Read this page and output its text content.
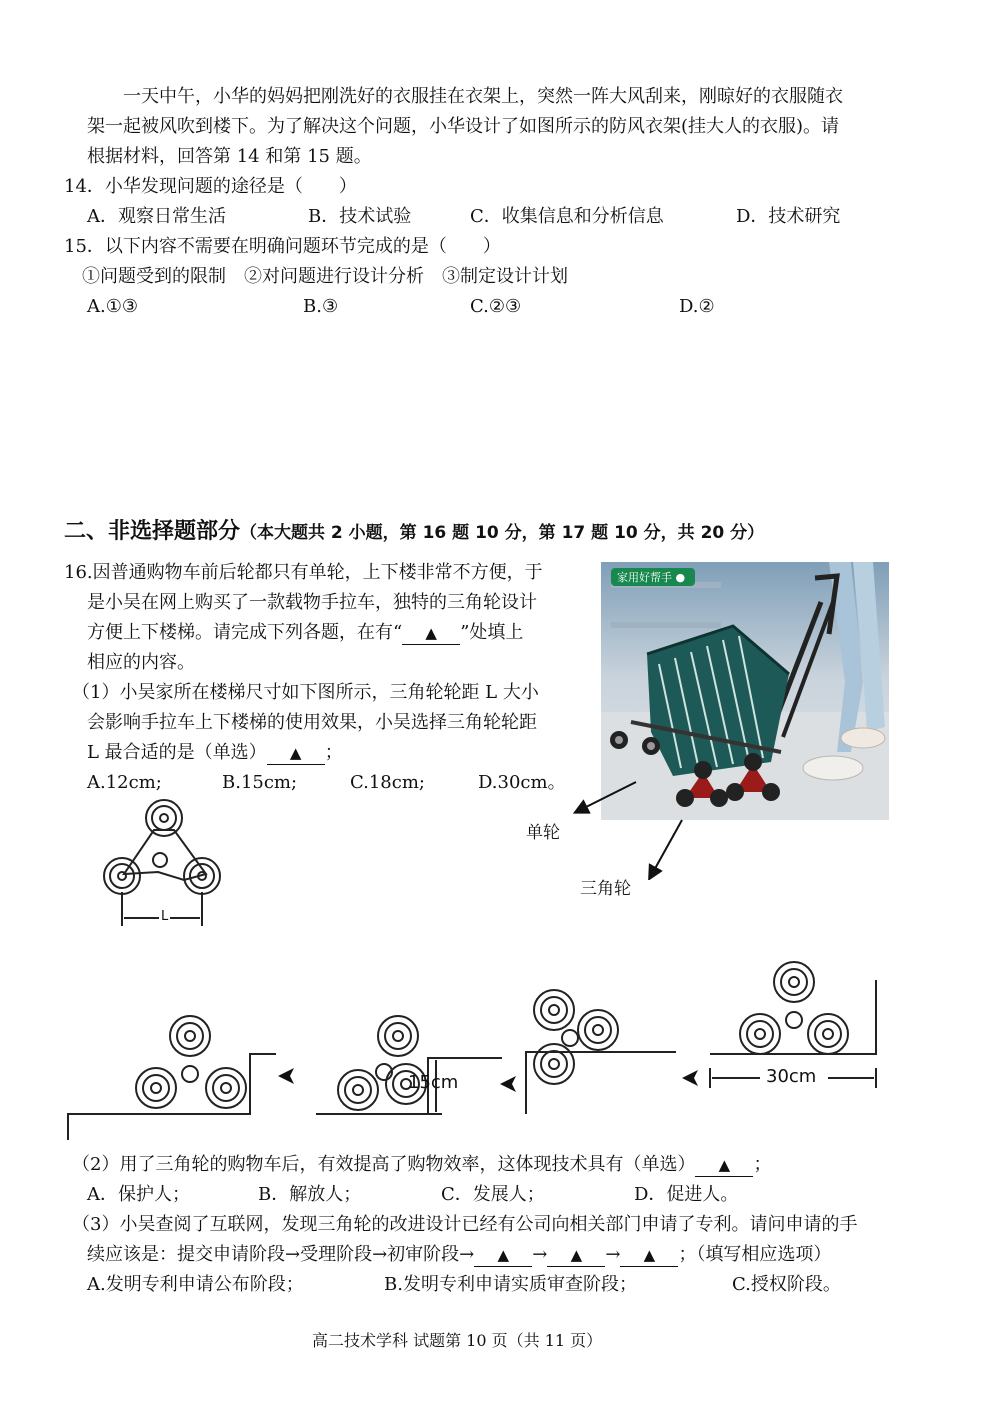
一天中午，小华的妈妈把刚洗好的衣服挂在衣架上，突然一阵大风刮来，刚晾好的衣服随衣
架一起被风吹到楼下。为了解决这个问题，小华设计了如图所示的防风衣架(挂大人的衣服)。请
根据材料，回答第 14 和第 15 题。
14．小华发现问题的途径是（　　）
A．观察日常生活	B．技术试验	C．收集信息和分析信息	D．技术研究
15．以下内容不需要在明确问题环节完成的是（　　）
①问题受到的限制　②对问题进行设计分析　③制定设计计划
A.①③	B.③	C.②③	D.②
二、非选择题部分（本大题共 2 小题，第 16 题 10 分，第 17 题 10 分，共 20 分）
16.因普通购物车前后轮都只有单轮，上下楼非常不方便，于
是小吴在网上购买了一款载物手拉车，独特的三角轮设计
方便上下楼梯。请完成下列各题，在有“ ▲ ”处填上
相应的内容。
（1）小吴家所在楼梯尺寸如下图所示，三角轮轮距 L 大小
会影响手拉车上下楼梯的使用效果，小吴选择三角轮轮距
L 最合适的是（单选） ▲ ；
A.12cm;	B.15cm;	C.18cm;	D.30cm。
家用好帮手 ●
单轮
三角轮
L
15cm	30cm
（2）用了三角轮的购物车后，有效提高了购物效率，这体现技术具有（单选） ▲ ；
A．保护人；	B．解放人；	C．发展人；	D．促进人。
（3）小吴查阅了互联网，发现三角轮的改进设计已经有公司向相关部门申请了专利。请问申请的手
续应该是：提交申请阶段→受理阶段→初审阶段→ ▲ → ▲ → ▲ ；（填写相应选项）
A.发明专利申请公布阶段；	B.发明专利申请实质审查阶段；	C.授权阶段。
高二技术学科 试题第 10 页（共 11 页）
